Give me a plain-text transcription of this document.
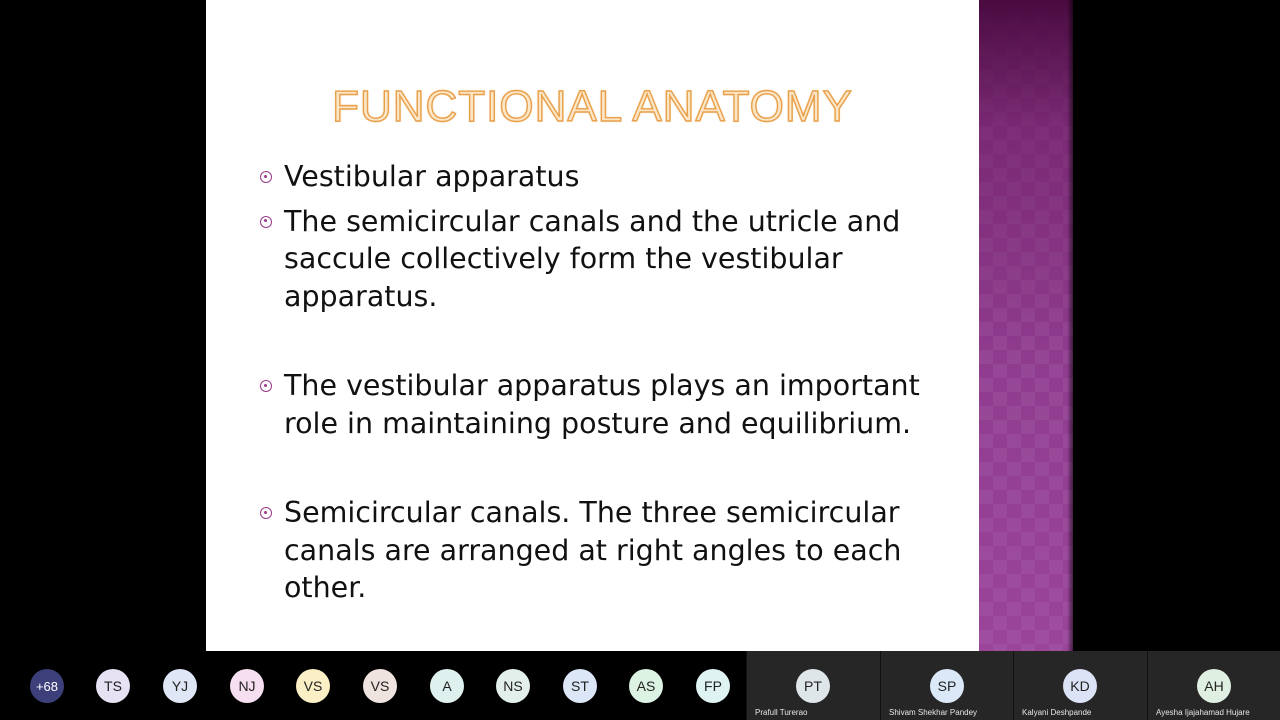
FUNCTIONAL ANATOMY
Vestibular apparatus
The semicircular canals and the utricle and saccule collectively form the vestibular apparatus.
The vestibular apparatus plays an important role in maintaining posture and equilibrium.
Semicircular canals. The three semicircular canals are arranged at right angles to each other.
+68	TS	YJ	NJ	VS	VS	A	NS	ST	AS	FP	PT
Prafull Turerao
SP
Shivam Shekhar Pandey
KD
Kalyani Deshpande
AH
Ayesha Ijajahamad Hujare
